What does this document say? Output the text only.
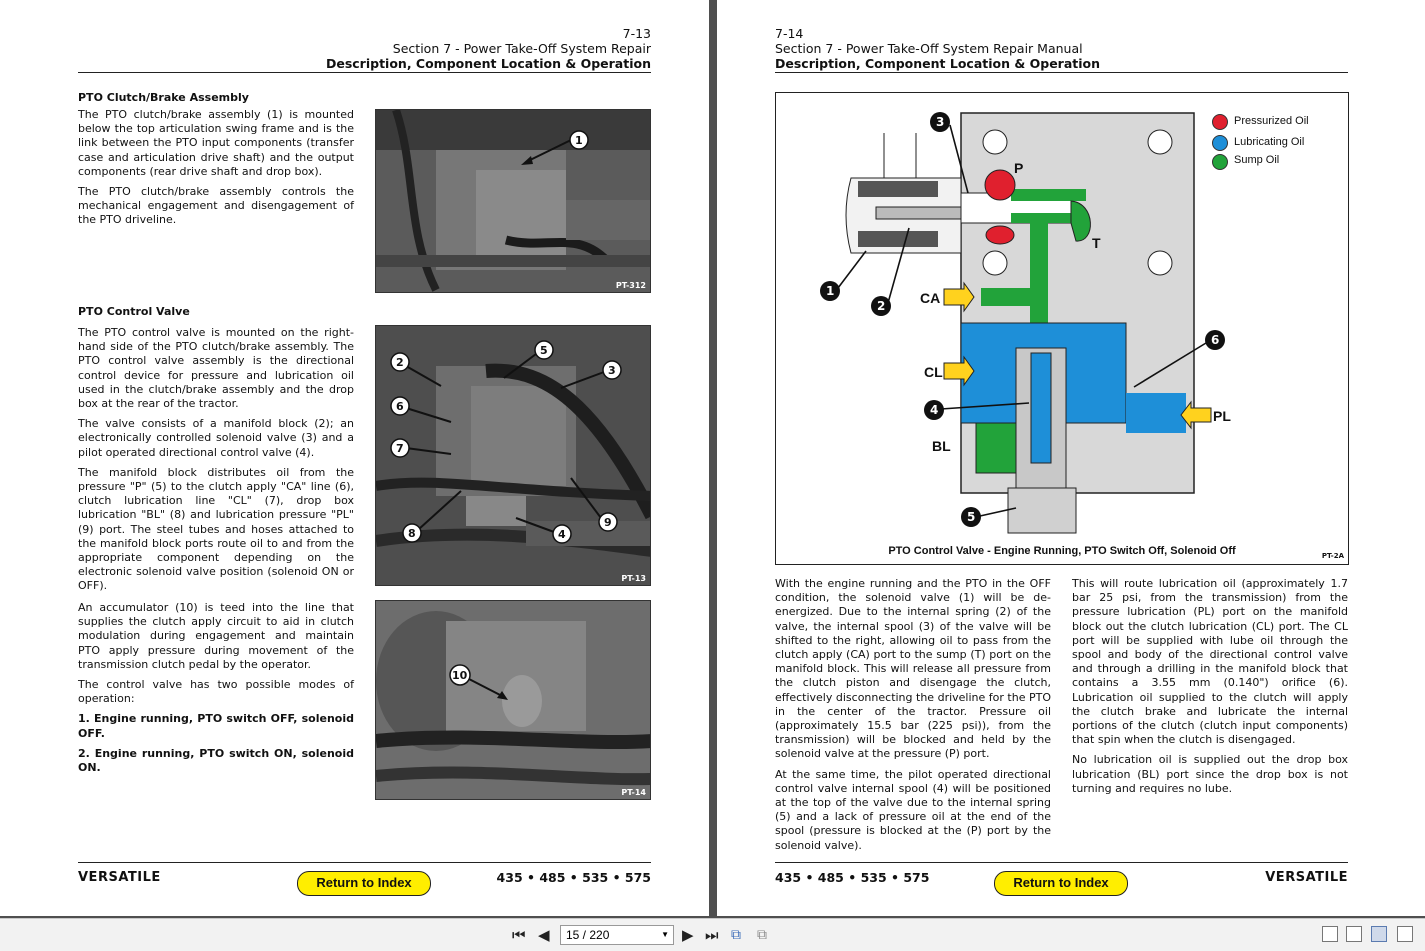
7-13
Section 7 - Power Take-Off System Repair
Description, Component Location & Operation
PTO Clutch/Brake Assembly

The PTO clutch/brake assembly (1) is mounted below the top articulation swing frame and is the link between the PTO input components (transfer case and articulation drive shaft) and the output components (rear drive shaft and drop box).

The PTO clutch/brake assembly controls the mechanical engagement and disengagement of the PTO driveline.

1
PT-312
PTO Control Valve

The PTO control valve is mounted on the right-hand side of the PTO clutch/brake assembly. The PTO control valve assembly is the directional control device for pressure and lubrication oil used in the clutch/brake assembly and the drop box at the rear of the tractor.

The valve consists of a manifold block (2); an electronically controlled solenoid valve (3) and a pilot operated directional control valve (4).

The manifold block distributes oil from the pressure "P" (5) to the clutch apply "CA" line (6), clutch lubrication line "CL" (7), drop box lubrication "BL" (8) and lubrication pressure "PL" (9) port. The steel tubes and hoses attached to the manifold block ports route oil to and from the appropriate component depending on the electronic solenoid valve position (solenoid ON or OFF).

2
5
3
6
7
8	4
9
PT-13

An accumulator (10) is teed into the line that supplies the clutch apply circuit to aid in clutch modulation during engagement and maintain PTO apply pressure during movement of the transmission clutch pedal by the operator.

The control valve has two possible modes of operation:

1. Engine running, PTO switch OFF, solenoid OFF.

2. Engine running, PTO switch ON, solenoid ON.

10
PT-14
VERSATILE	Return to Index	435 • 485 • 535 • 575
7-14
Section 7 - Power Take-Off System Repair Manual
Description, Component Location & Operation
1
2
3
4
5
6
P
T
CA
CL
BL
PL
Pressurized Oil
Lubricating Oil
Sump Oil
PTO Control Valve - Engine Running, PTO Switch Off, Solenoid Off	PT-2A

With the engine running and the PTO in the OFF condition, the solenoid valve (1) will be de-energized. Due to the internal spring (2) of the valve, the internal spool (3) of the valve will be shifted to the right, allowing oil to pass from the clutch apply (CA) port to the sump (T) port on the manifold block. This will release all pressure from the clutch piston and disengage the clutch, effectively disconnecting the driveline for the PTO in the center of the tractor. Pressure oil (approximately 15.5 bar (225 psi)), from the transmission) will be blocked and held by the solenoid valve at the pressure (P) port.

At the same time, the pilot operated directional control valve internal spool (4) will be positioned at the top of the valve due to the internal spring (5) and a lack of pressure oil at the end of the spool (pressure is blocked at the (P) port by the solenoid valve).

This will route lubrication oil (approximately 1.7 bar 25 psi, from the transmission) from the pressure lubrication (PL) port on the manifold block out the clutch lubrication (CL) port. The CL port will be supplied with lube oil through the spool and body of the directional control valve and through a drilling in the manifold block that contains a 3.55 mm (0.140") orifice (6). Lubrication oil supplied to the clutch will apply the clutch brake and lubricate the internal portions of the clutch (clutch input components) that spin when the clutch is disengaged.

No lubrication oil is supplied out the drop box lubrication (BL) port since the drop box is not turning and requires no lube.

435 • 485 • 535 • 575	Return to Index	VERSATILE
⏮ ◀	15 / 220	▼ ▶ ⏭ ⧉ ⧉
